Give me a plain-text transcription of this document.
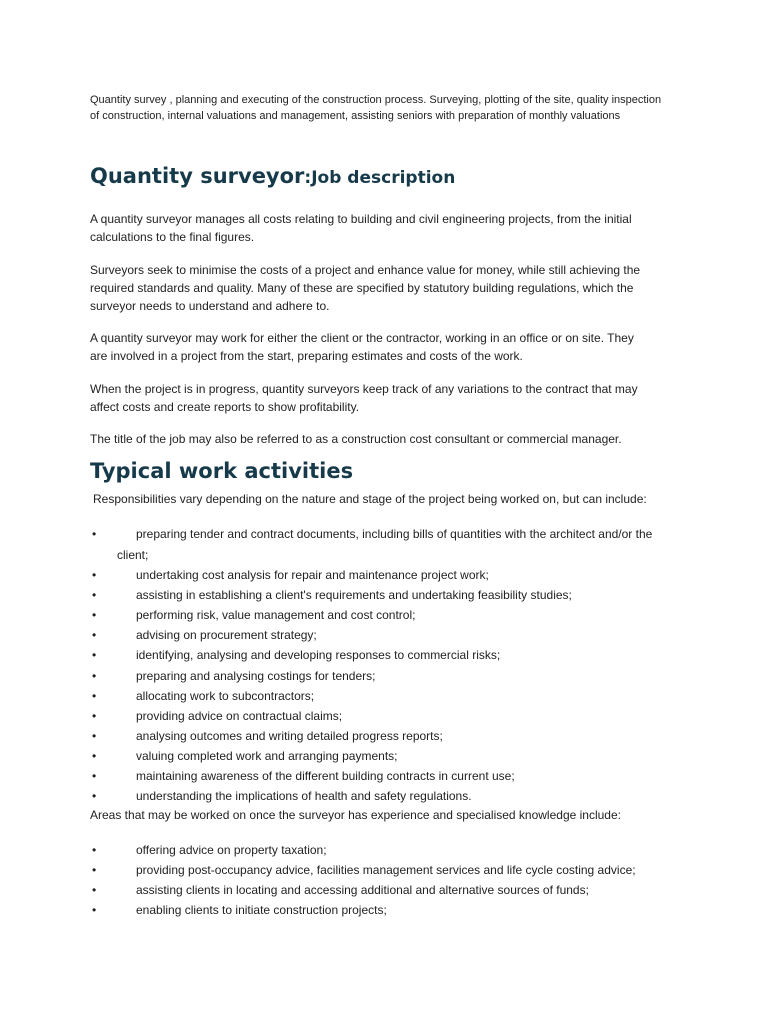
Quantity survey , planning and executing of the construction process. Surveying, plotting of the site, quality inspection
of construction, internal valuations and management, assisting seniors with preparation of monthly valuations
Quantity surveyor:Job description
A quantity surveyor manages all costs relating to building and civil engineering projects, from the initial
calculations to the final figures.
Surveyors seek to minimise the costs of a project and enhance value for money, while still achieving the
required standards and quality. Many of these are specified by statutory building regulations, which the
surveyor needs to understand and adhere to.
A quantity surveyor may work for either the client or the contractor, working in an office or on site. They
are involved in a project from the start, preparing estimates and costs of the work.
When the project is in progress, quantity surveyors keep track of any variations to the contract that may
affect costs and create reports to show profitability.
The title of the job may also be referred to as a construction cost consultant or commercial manager.
Typical work activities
Responsibilities vary depending on the nature and stage of the project being worked on, but can include:
•	preparing tender and contract documents, including bills of quantities with the architect and/or the
client;
•	undertaking cost analysis for repair and maintenance project work;
•	assisting in establishing a client's requirements and undertaking feasibility studies;
•	performing risk, value management and cost control;
•	advising on procurement strategy;
•	identifying, analysing and developing responses to commercial risks;
•	preparing and analysing costings for tenders;
•	allocating work to subcontractors;
•	providing advice on contractual claims;
•	analysing outcomes and writing detailed progress reports;
•	valuing completed work and arranging payments;
•	maintaining awareness of the different building contracts in current use;
•	understanding the implications of health and safety regulations.
Areas that may be worked on once the surveyor has experience and specialised knowledge include:
•	offering advice on property taxation;
•	providing post-occupancy advice, facilities management services and life cycle costing advice;
•	assisting clients in locating and accessing additional and alternative sources of funds;
•	enabling clients to initiate construction projects;
